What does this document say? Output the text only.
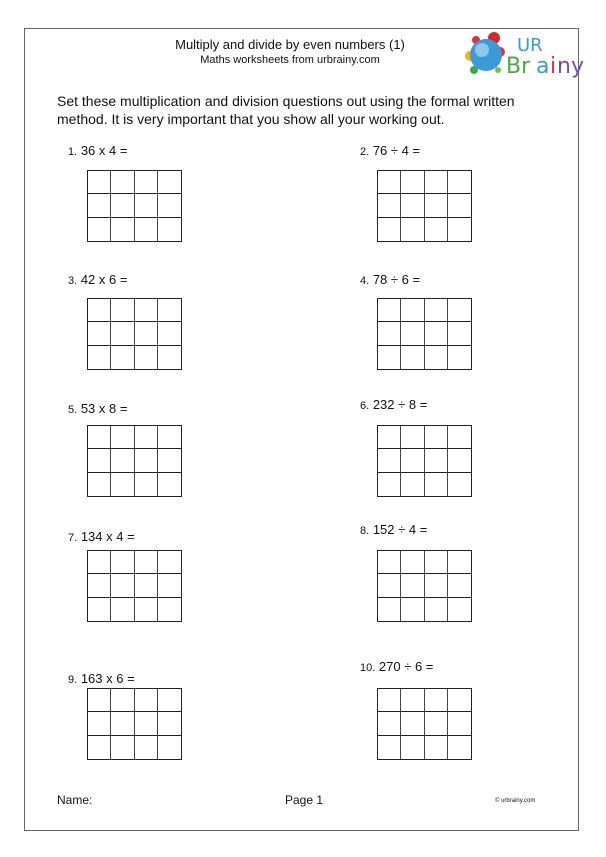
Multiply and divide by even numbers (1)
Maths worksheets from urbrainy.com
UR
Br a i ny
Set these multiplication and division questions out using the formal written method. It is very important that you show all your working out.
1. 36 x 4 =	2. 76 ÷ 4 =
3. 42 x 6 =	4. 78 ÷ 6 =
5. 53 x 8 =	6. 232 ÷ 8 =
7. 134 x 4 =	8. 152 ÷ 4 =
9. 163 x 6 =
10. 270 ÷ 6 =
Name:	Page 1	© urbrainy.com
